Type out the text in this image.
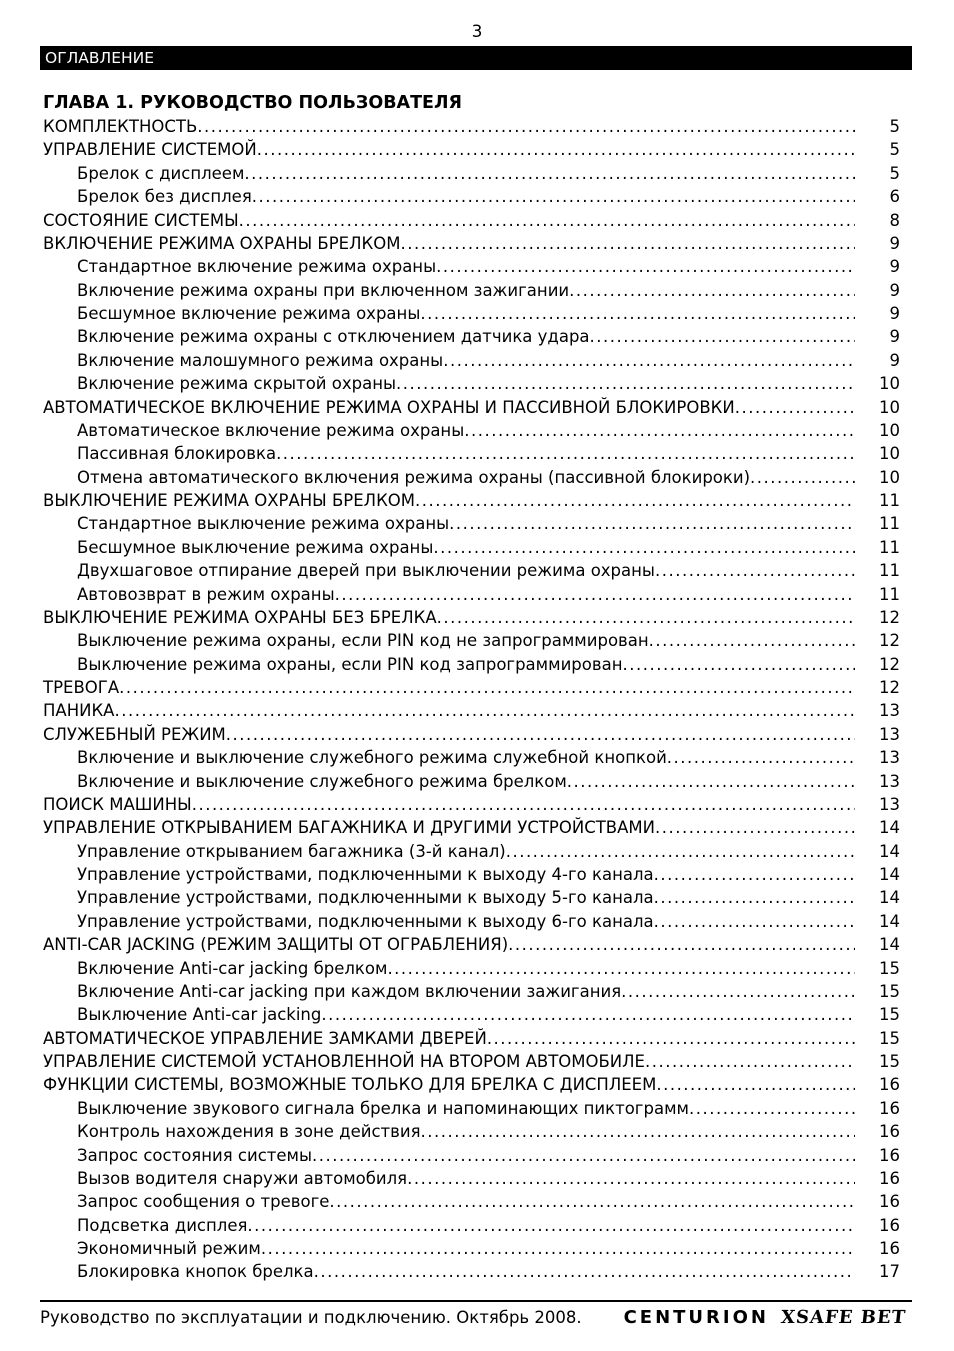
3
ОГЛАВЛЕНИЕ
ГЛАВА 1. РУКОВОДСТВО ПОЛЬЗОВАТЕЛЯ
КОМПЛЕКТНОСТЬ .....	5
УПРАВЛЕНИЕ СИСТЕМОЙ .....	5
Брелок с дисплеем .....	5
Брелок без дисплея .....	6
СОСТОЯНИЕ СИСТЕМЫ .....	8
ВКЛЮЧЕНИЕ РЕЖИМА ОХРАНЫ БРЕЛКОМ .....	9
Стандартное включение режима охраны .....	9
Включение режима охраны при включенном зажигании .....	9
Бесшумное включение режима охраны .....	9
Включение режима охраны с отключением датчика удара .....	9
Включение малошумного режима охраны .....	9
Включение режима скрытой охраны .....	10
АВТОМАТИЧЕСКОЕ ВКЛЮЧЕНИЕ РЕЖИМА ОХРАНЫ И ПАССИВНОЙ БЛОКИРОВКИ .....	10
Автоматическое включение режима охраны .....	10
Пассивная блокировка .....	10
Отмена автоматического включения режима охраны (пассивной блокироки) .....	10
ВЫКЛЮЧЕНИЕ РЕЖИМА ОХРАНЫ БРЕЛКОМ .....	11
Стандартное выключение режима охраны .....	11
Бесшумное выключение режима охраны .....	11
Двухшаговое отпирание дверей при выключении режима охраны .....	11
Автовозврат в режим охраны .....	11
ВЫКЛЮЧЕНИЕ РЕЖИМА ОХРАНЫ БЕЗ БРЕЛКА .....	12
Выключение режима охраны, если PIN код не запрограммирован .....	12
Выключение режима охраны, если PIN код запрограммирован .....	12
ТРЕВОГА .....	12
ПАНИКА .....	13
СЛУЖЕБНЫЙ РЕЖИМ .....	13
Включение и выключение служебного режима служебной кнопкой .....	13
Включение и выключение служебного режима брелком .....	13
ПОИСК МАШИНЫ .....	13
УПРАВЛЕНИЕ ОТКРЫВАНИЕМ БАГАЖНИКА И ДРУГИМИ УСТРОЙСТВАМИ .....	14
Управление открыванием багажника (3-й канал) .....	14
Управление устройствами, подключенными к выходу 4-го канала .....	14
Управление устройствами, подключенными к выходу 5-го канала .....	14
Управление устройствами, подключенными к выходу 6-го канала .....	14
ANTI-CAR JACKING (РЕЖИМ ЗАЩИТЫ ОТ ОГРАБЛЕНИЯ) .....	14
Включение Anti-car jacking брелком .....	15
Включение Anti-car jacking при каждом включении зажигания .....	15
Выключение Anti-car jacking .....	15
АВТОМАТИЧЕСКОЕ УПРАВЛЕНИЕ ЗАМКАМИ ДВЕРЕЙ .....	15
УПРАВЛЕНИЕ СИСТЕМОЙ УСТАНОВЛЕННОЙ НА ВТОРОМ АВТОМОБИЛЕ .....	15
ФУНКЦИИ СИСТЕМЫ, ВОЗМОЖНЫЕ ТОЛЬКО ДЛЯ БРЕЛКА С ДИСПЛЕЕМ .....	16
Выключение звукового сигнала брелка и напоминающих пиктограмм .....	16
Контроль нахождения в зоне действия .....	16
Запрос состояния системы .....	16
Вызов водителя снаружи автомобиля .....	16
Запрос сообщения о тревоге .....	16
Подсветка дисплея .....	16
Экономичный режим .....	16
Блокировка кнопок брелка .....	17
Руководство по эксплуатации и подключению. Октябрь 2008. CENTURION XSAFE BET
